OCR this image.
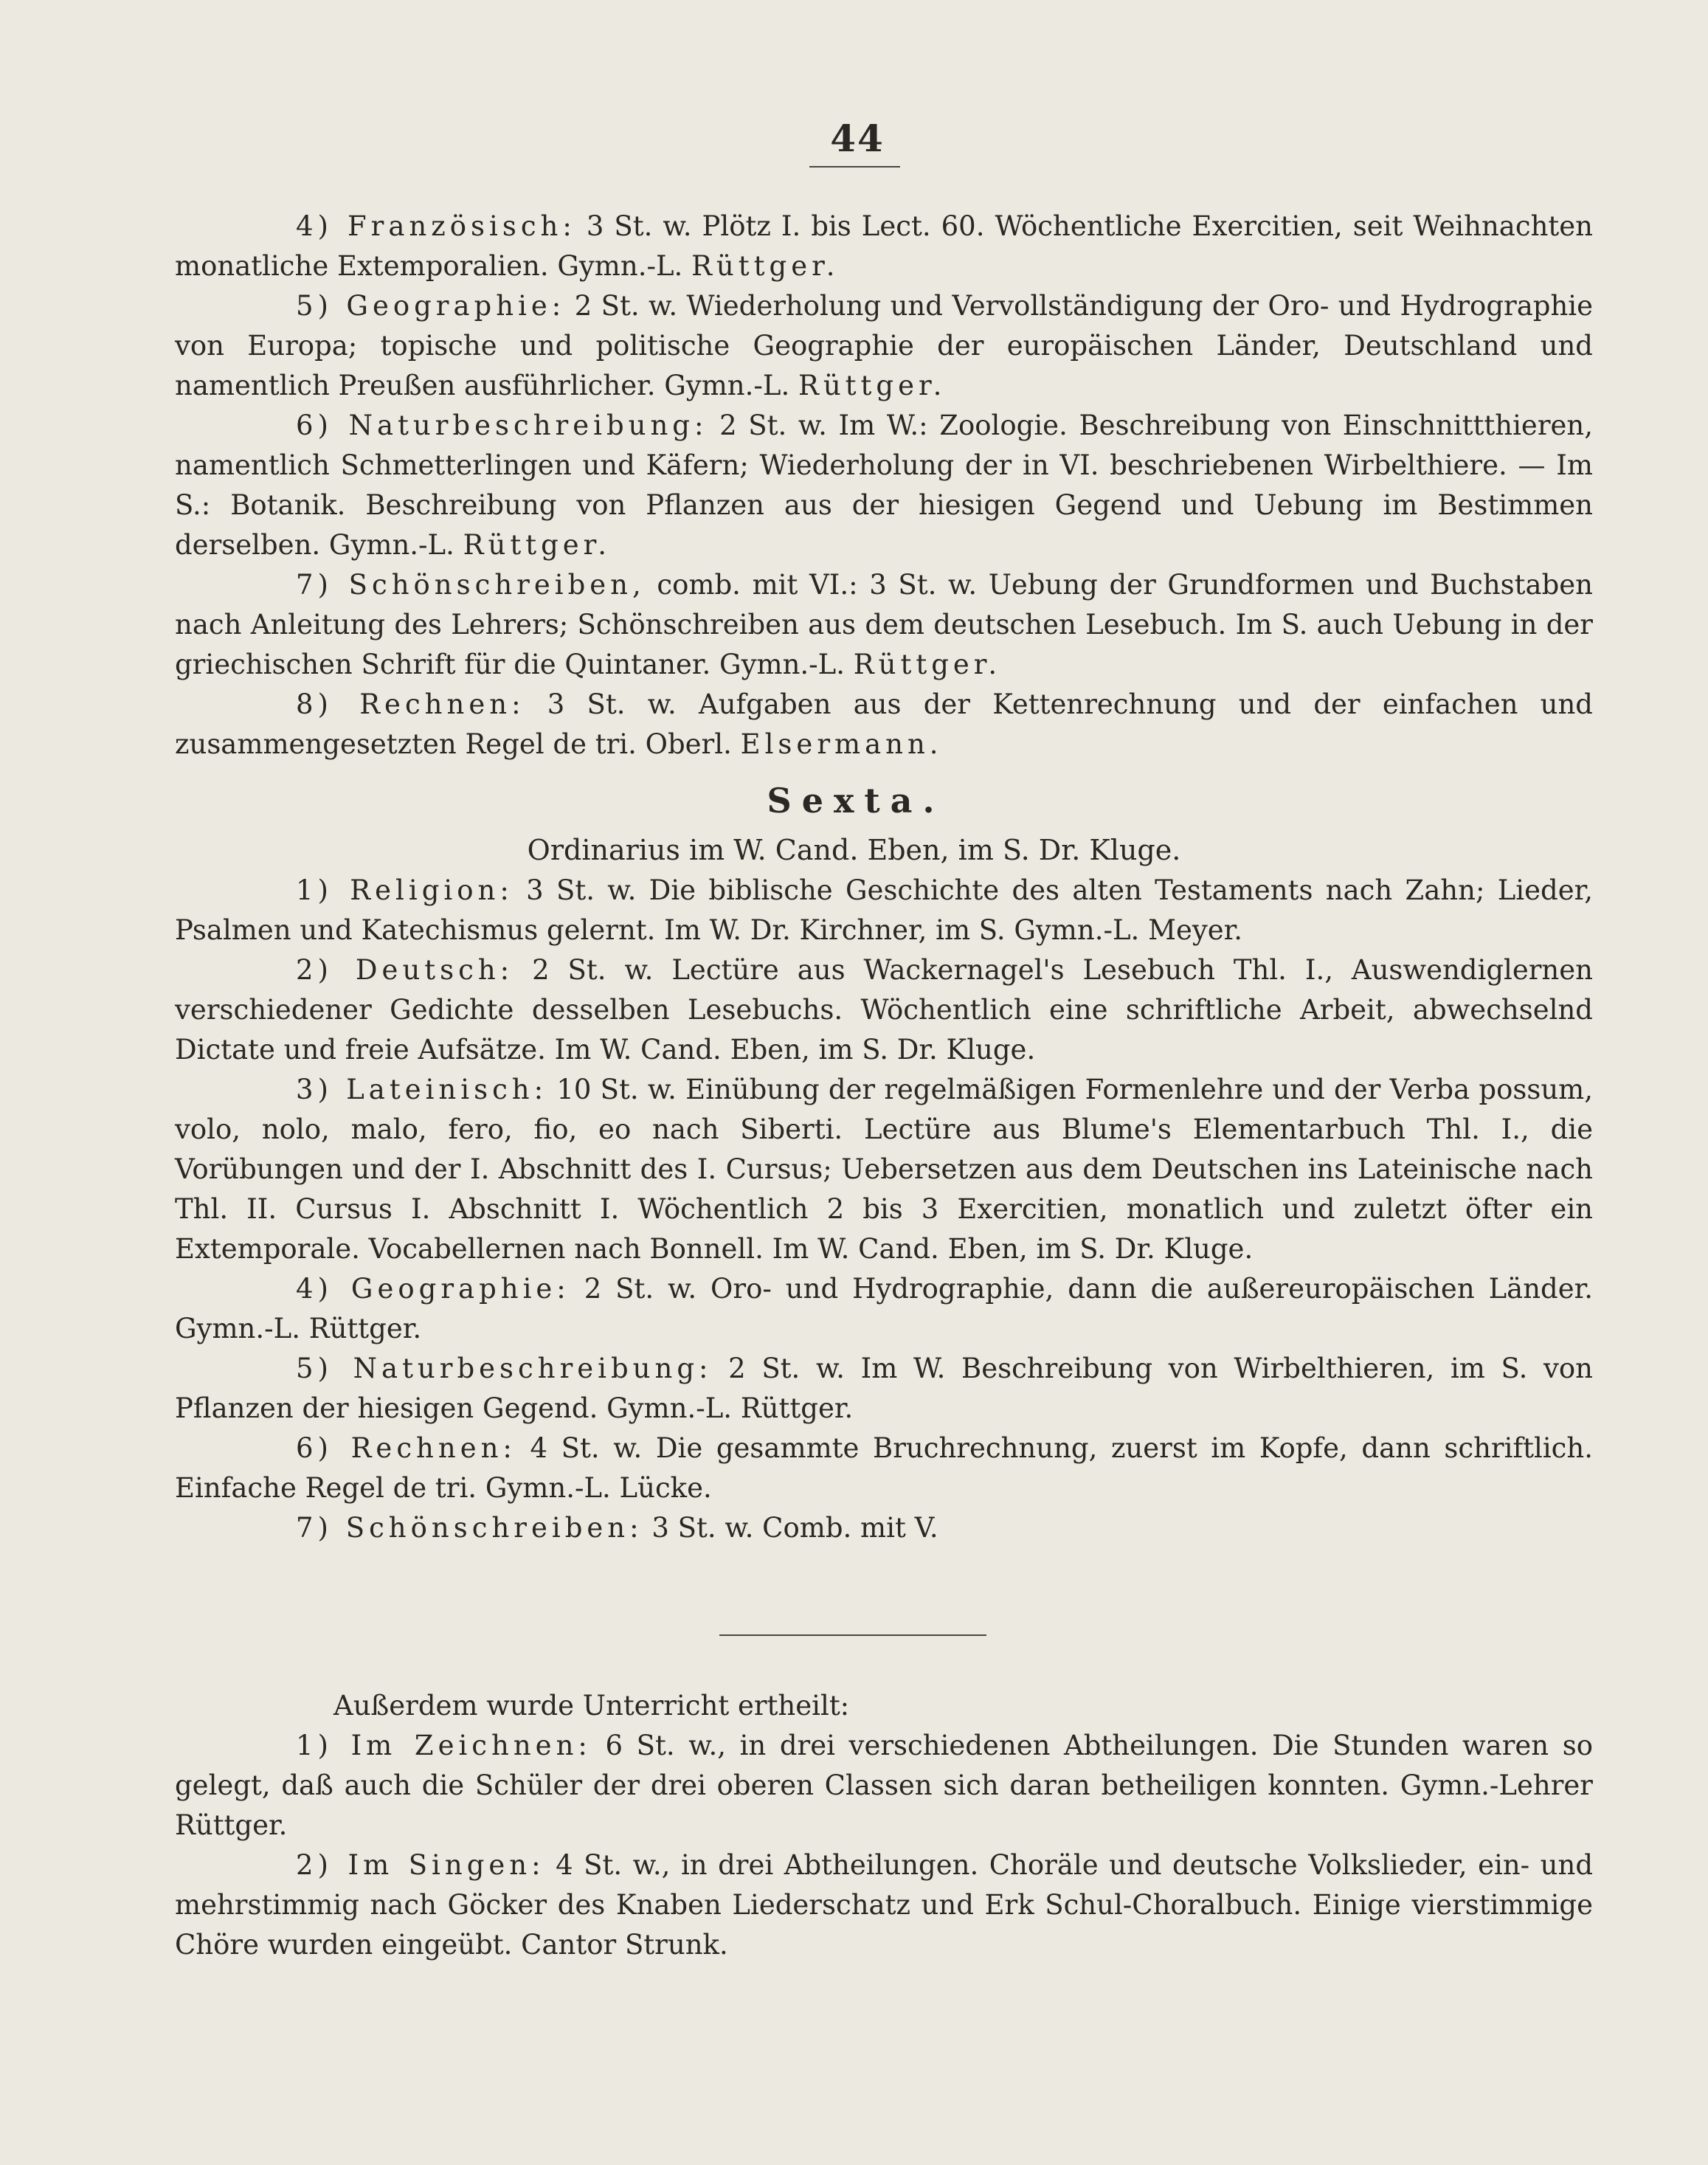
44

4) Französisch: 3 St. w. Plötz I. bis Lect. 60. Wöchentliche Exercitien, seit Weihnachten monatliche Extemporalien. Gymn.-L. Rüttger.

5) Geographie: 2 St. w. Wiederholung und Vervollständigung der Oro- und Hydrographie von Europa; topische und politische Geographie der europäischen Länder, Deutschland und namentlich Preußen ausführlicher. Gymn.-L. Rüttger.

6) Naturbeschreibung: 2 St. w. Im W.: Zoologie. Beschreibung von Einschnittthieren, namentlich Schmetterlingen und Käfern; Wiederholung der in VI. beschriebenen Wirbelthiere. — Im S.: Botanik. Beschreibung von Pflanzen aus der hiesigen Gegend und Uebung im Bestimmen derselben. Gymn.-L. Rüttger.

7) Schönschreiben, comb. mit VI.: 3 St. w. Uebung der Grundformen und Buchstaben nach Anleitung des Lehrers; Schönschreiben aus dem deutschen Lesebuch. Im S. auch Uebung in der griechischen Schrift für die Quintaner. Gymn.-L. Rüttger.

8) Rechnen: 3 St. w. Aufgaben aus der Kettenrechnung und der einfachen und zusammengesetzten Regel de tri. Oberl. Elsermann.

Sexta.
Ordinarius im W. Cand. Eben, im S. Dr. Kluge.

1) Religion: 3 St. w. Die biblische Geschichte des alten Testaments nach Zahn; Lieder, Psalmen und Katechismus gelernt. Im W. Dr. Kirchner, im S. Gymn.-L. Meyer.

2) Deutsch: 2 St. w. Lectüre aus Wackernagel's Lesebuch Thl. I., Auswendiglernen verschiedener Gedichte desselben Lesebuchs. Wöchentlich eine schriftliche Arbeit, abwechselnd Dictate und freie Aufsätze. Im W. Cand. Eben, im S. Dr. Kluge.

3) Lateinisch: 10 St. w. Einübung der regelmäßigen Formenlehre und der Verba possum, volo, nolo, malo, fero, fio, eo nach Siberti. Lectüre aus Blume's Elementarbuch Thl. I., die Vorübungen und der I. Abschnitt des I. Cursus; Uebersetzen aus dem Deutschen ins Lateinische nach Thl. II. Cursus I. Abschnitt I. Wöchentlich 2 bis 3 Exercitien, monatlich und zuletzt öfter ein Extemporale. Vocabellernen nach Bonnell. Im W. Cand. Eben, im S. Dr. Kluge.

4) Geographie: 2 St. w. Oro- und Hydrographie, dann die außereuropäischen Länder. Gymn.-L. Rüttger.

5) Naturbeschreibung: 2 St. w. Im W. Beschreibung von Wirbelthieren, im S. von Pflanzen der hiesigen Gegend. Gymn.-L. Rüttger.

6) Rechnen: 4 St. w. Die gesammte Bruchrechnung, zuerst im Kopfe, dann schriftlich. Einfache Regel de tri. Gymn.-L. Lücke.

7) Schönschreiben: 3 St. w. Comb. mit V.

Außerdem wurde Unterricht ertheilt:

1) Im Zeichnen: 6 St. w., in drei verschiedenen Abtheilungen. Die Stunden waren so gelegt, daß auch die Schüler der drei oberen Classen sich daran betheiligen konnten. Gymn.-Lehrer Rüttger.

2) Im Singen: 4 St. w., in drei Abtheilungen. Choräle und deutsche Volkslieder, ein- und mehrstimmig nach Göcker des Knaben Liederschatz und Erk Schul-Choralbuch. Einige vierstimmige Chöre wurden eingeübt. Cantor Strunk.
